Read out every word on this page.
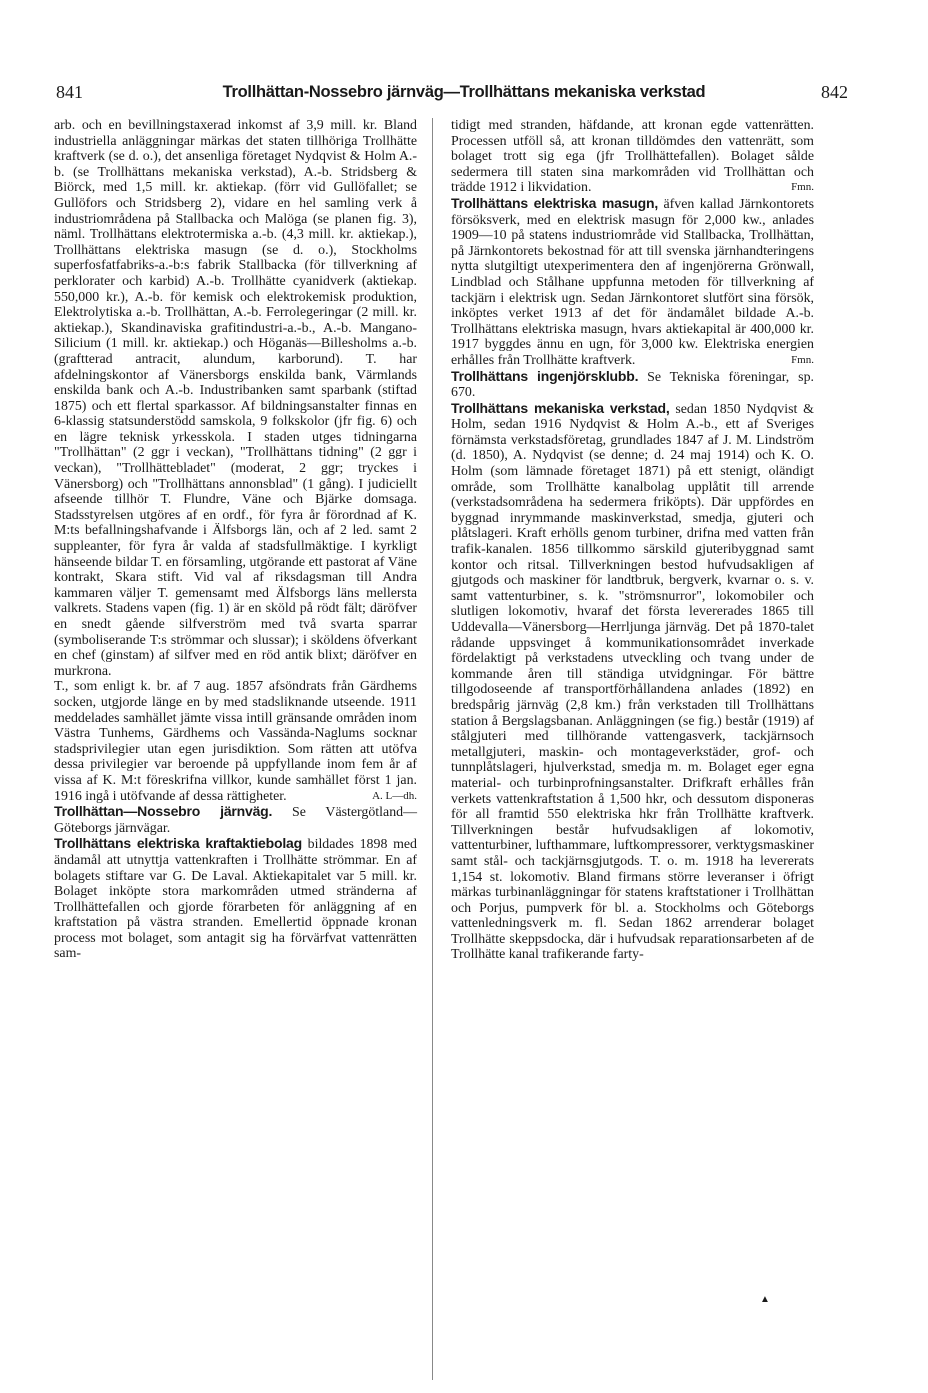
841	Trollhättan-Nossebro järnväg—Trollhättans mekaniska verkstad	842

arb. och en bevillningstaxerad inkomst af 3,9 mill. kr. Bland industriella anläggningar märkas det staten tillhöriga Trollhätte kraftverk (se d. o.), det ansenliga företaget Nydqvist & Holm A.-b. (se Trollhättans mekaniska verkstad), A.-b. Stridsberg & Biörck, med 1,5 mill. kr. aktiekap. (förr vid Gullöfallet; se Gullöfors och Stridsberg 2), vidare en hel samling verk å industriområdena på Stallbacka och Malöga (se planen fig. 3), näml. Trollhättans elektrotermiska a.-b. (4,3 mill. kr. aktiekap.), Trollhättans elektriska masugn (se d. o.), Stockholms superfosfatfabriks-a.-b:s fabrik Stallbacka (för tillverkning af perklorater och karbid) A.-b. Trollhätte cyanidverk (aktiekap. 550,000 kr.), A.-b. för kemisk och elektrokemisk produktion, Elektrolytiska a.-b. Trollhättan, A.-b. Ferrolegeringar (2 mill. kr. aktiekap.), Skandinaviska grafitindustri-a.-b., A.-b. Mangano-Silicium (1 mill. kr. aktiekap.) och Höganäs—Billesholms a.-b. (graftterad antracit, alundum, karborund). T. har afdelningskontor af Vänersborgs enskilda bank, Värmlands enskilda bank och A.-b. Industribanken samt sparbank (stiftad 1875) och ett flertal sparkassor. Af bildningsanstalter finnas en 6-klassig statsunderstödd samskola, 9 folkskolor (jfr fig. 6) och en lägre teknisk yrkesskola. I staden utges tidningarna "Trollhättan" (2 ggr i veckan), "Trollhättans tidning" (2 ggr i veckan), "Trollhättebladet" (moderat, 2 ggr; tryckes i Vänersborg) och "Trollhättans annonsblad" (1 gång). I judiciellt afseende tillhör T. Flundre, Väne och Bjärke domsaga. Stadsstyrelsen utgöres af en ordf., för fyra år förordnad af K. M:ts befallningshafvande i Älfsborgs län, och af 2 led. samt 2 suppleanter, för fyra år valda af stadsfullmäktige. I kyrkligt hänseende bildar T. en församling, utgörande ett pastorat af Väne kontrakt, Skara stift. Vid val af riksdagsman till Andra kammaren väljer T. gemensamt med Älfsborgs läns mellersta valkrets. Stadens vapen (fig. 1) är en sköld på rödt fält; däröfver en snedt gående silfverström med två svarta sparrar (symboliserande T:s strömmar och slussar); i sköldens öfverkant en chef (ginstam) af silfver med en röd antik blixt; däröfver en murkrona.

T., som enligt k. br. af 7 aug. 1857 afsöndrats från Gärdhems socken, utgjorde länge en by med stadsliknande utseende. 1911 meddelades samhället jämte vissa intill gränsande områden inom Västra Tunhems, Gärdhems och Vassända-Naglums socknar stadsprivilegier utan egen jurisdiktion. Som rätten att utöfva dessa privilegier var beroende på uppfyllande inom fem år af vissa af K. M:t föreskrifna villkor, kunde samhället först 1 jan. 1916 ingå i utöfvande af dessa rättigheter.	A. L—dh.

Trollhättan—Nossebro järnväg. Se Västergötland—Göteborgs järnvägar.

Trollhättans elektriska kraftaktiebolag bildades 1898 med ändamål att utnyttja vattenkraften i Trollhätte strömmar. En af bolagets stiftare var G. De Laval. Aktiekapitalet var 5 mill. kr. Bolaget inköpte stora markområden utmed stränderna af Trollhättefallen och gjorde förarbeten för anläggning af en kraftstation på västra stranden. Emellertid öppnade kronan process mot bolaget, som antagit sig ha förvärfvat vattenrätten sam-

tidigt med stranden, häfdande, att kronan egde vattenrätten. Processen utföll så, att kronan tilldömdes den vattenrätt, som bolaget trott sig ega (jfr Trollhättefallen). Bolaget sålde sedermera till staten sina markområden vid Trollhättan och trädde 1912 i likvidation.	Fmn.

Trollhättans elektriska masugn, äfven kallad Järnkontorets försöksverk, med en elektrisk masugn för 2,000 kw., anlades 1909—10 på statens industriområde vid Stallbacka, Trollhättan, på Järnkontorets bekostnad för att till svenska järnhandteringens nytta slutgiltigt utexperimentera den af ingenjörerna Grönwall, Lindblad och Stålhane uppfunna metoden för tillverkning af tackjärn i elektrisk ugn. Sedan Järnkontoret slutfört sina försök, inköptes verket 1913 af det för ändamålet bildade A.-b. Trollhättans elektriska masugn, hvars aktiekapital är 400,000 kr. 1917 byggdes ännu en ugn, för 3,000 kw. Elektriska energien erhålles från Trollhätte kraftverk.	Fmn.

Trollhättans ingenjörsklubb. Se Tekniska föreningar, sp. 670.

Trollhättans mekaniska verkstad, sedan 1850 Nydqvist & Holm, sedan 1916 Nydqvist & Holm A.-b., ett af Sveriges förnämsta verkstadsföretag, grundlades 1847 af J. M. Lindström (d. 1850), A. Nydqvist (se denne; d. 24 maj 1914) och K. O. Holm (som lämnade företaget 1871) på ett stenigt, oländigt område, som Trollhätte kanalbolag upplåtit till arrende (verkstadsområdena ha sedermera friköpts). Där uppfördes en byggnad inrymmande maskinverkstad, smedja, gjuteri och plåtslageri. Kraft erhölls genom turbiner, drifna med vatten från trafik-kanalen. 1856 tillkommo särskild gjuteribyggnad samt kontor och ritsal. Tillverkningen bestod hufvudsakligen af gjutgods och maskiner för landtbruk, bergverk, kvarnar o. s. v. samt vattenturbiner, s. k. "strömsnurror", lokomobiler och slutligen lokomotiv, hvaraf det första levererades 1865 till Uddevalla—Vänersborg—Herrljunga järnväg. Det på 1870-talet rådande uppsvinget å kommunikationsområdet inverkade fördelaktigt på verkstadens utveckling och tvang under de kommande åren till ständiga utvidgningar. För bättre tillgodoseende af transportförhållandena anlades (1892) en bredspårig järnväg (2,8 km.) från verkstaden till Trollhättans station å Bergslagsbanan. Anläggningen (se fig.) består (1919) af stålgjuteri med tillhörande vattengasverk, tackjärnsoch metallgjuteri, maskin- och montageverkstäder, grof- och tunnplåtslageri, hjulverkstad, smedja m. m. Bolaget eger egna material- och turbinprofningsanstalter. Drifkraft erhålles från verkets vattenkraftstation å 1,500 hkr, och dessutom disponeras för all framtid 550 elektriska hkr från Trollhätte kraftverk. Tillverkningen består hufvudsakligen af lokomotiv, vattenturbiner, lufthammare, luftkompressorer, verktygsmaskiner samt stål- och tackjärnsgjutgods. T. o. m. 1918 ha levererats 1,154 st. lokomotiv. Bland firmans större leveranser i öfrigt märkas turbinanläggningar för statens kraftstationer i Trollhättan och Porjus, pumpverk för bl. a. Stockholms och Göteborgs vattenledningsverk m. fl. Sedan 1862 arrenderar bolaget Trollhätte skeppsdocka, där i hufvudsak reparationsarbeten af de Trollhätte kanal trafikerande farty-

▲
